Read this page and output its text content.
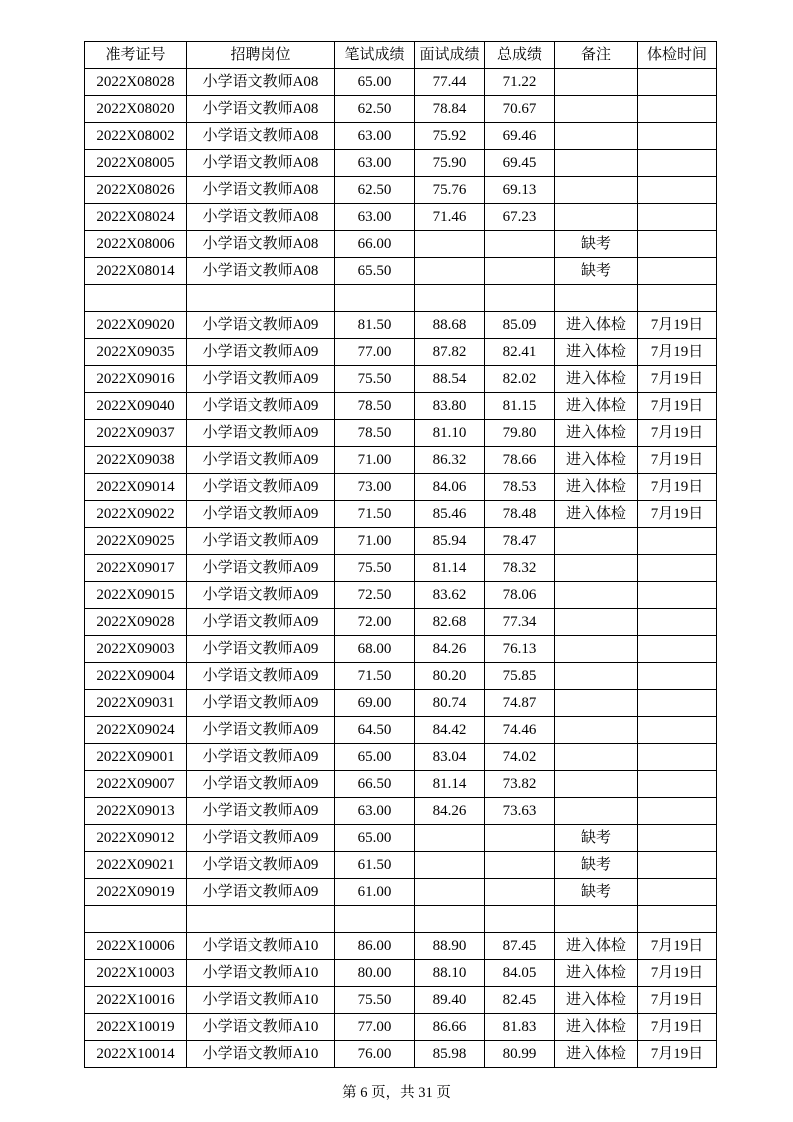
准考证号	招聘岗位	笔试成绩	面试成绩	总成绩	备注	体检时间
2022X08028	小学语文教师A08	65.00	77.44	71.22		
2022X08020	小学语文教师A08	62.50	78.84	70.67		
2022X08002	小学语文教师A08	63.00	75.92	69.46		
2022X08005	小学语文教师A08	63.00	75.90	69.45		
2022X08026	小学语文教师A08	62.50	75.76	69.13		
2022X08024	小学语文教师A08	63.00	71.46	67.23		
2022X08006	小学语文教师A08	66.00			缺考	
2022X08014	小学语文教师A08	65.50			缺考	

2022X09020	小学语文教师A09	81.50	88.68	85.09	进入体检	7月19日
2022X09035	小学语文教师A09	77.00	87.82	82.41	进入体检	7月19日
2022X09016	小学语文教师A09	75.50	88.54	82.02	进入体检	7月19日
2022X09040	小学语文教师A09	78.50	83.80	81.15	进入体检	7月19日
2022X09037	小学语文教师A09	78.50	81.10	79.80	进入体检	7月19日
2022X09038	小学语文教师A09	71.00	86.32	78.66	进入体检	7月19日
2022X09014	小学语文教师A09	73.00	84.06	78.53	进入体检	7月19日
2022X09022	小学语文教师A09	71.50	85.46	78.48	进入体检	7月19日
2022X09025	小学语文教师A09	71.00	85.94	78.47		
2022X09017	小学语文教师A09	75.50	81.14	78.32		
2022X09015	小学语文教师A09	72.50	83.62	78.06		
2022X09028	小学语文教师A09	72.00	82.68	77.34		
2022X09003	小学语文教师A09	68.00	84.26	76.13		
2022X09004	小学语文教师A09	71.50	80.20	75.85		
2022X09031	小学语文教师A09	69.00	80.74	74.87		
2022X09024	小学语文教师A09	64.50	84.42	74.46		
2022X09001	小学语文教师A09	65.00	83.04	74.02		
2022X09007	小学语文教师A09	66.50	81.14	73.82		
2022X09013	小学语文教师A09	63.00	84.26	73.63		
2022X09012	小学语文教师A09	65.00			缺考	
2022X09021	小学语文教师A09	61.50			缺考	
2022X09019	小学语文教师A09	61.00			缺考	

2022X10006	小学语文教师A10	86.00	88.90	87.45	进入体检	7月19日
2022X10003	小学语文教师A10	80.00	88.10	84.05	进入体检	7月19日
2022X10016	小学语文教师A10	75.50	89.40	82.45	进入体检	7月19日
2022X10019	小学语文教师A10	77.00	86.66	81.83	进入体检	7月19日
2022X10014	小学语文教师A10	76.00	85.98	80.99	进入体检	7月19日
第 6 页，共 31 页
